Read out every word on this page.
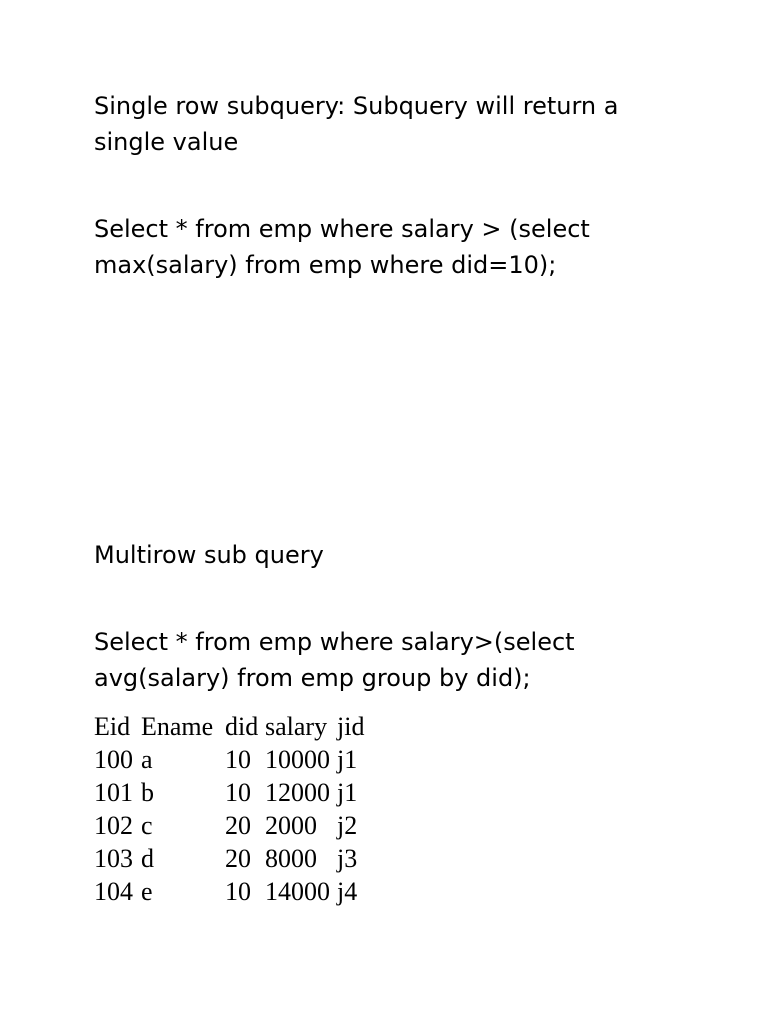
Single row subquery: Subquery will return a single value

Select * from emp where salary > (select max(salary) from emp where did=10);

Multirow sub query

Select * from emp where salary>(select avg(salary) from emp group by did);

Eid	Ename	did	salary	jid
100	a	10	10000	j1
101	b	10	12000	j1
102	c	20	2000	j2
103	d	20	8000	j3
104	e	10	14000	j4
